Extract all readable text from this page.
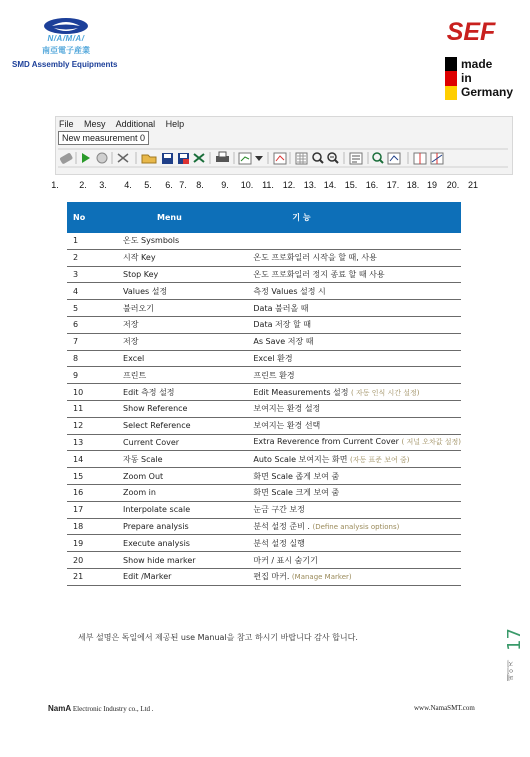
N/A/M/A/
南亞電子産業
SMD Assembly Equipments
SEF
made
in
Germany
File Mesy Additional Help
New measurement 0
1.	2.	3.	4.	5.	6. 7.	8.	9.	10. 11. 12. 13. 14. 15. 16. 17. 18. 19	20. 21
No	Menu	기 능
1	온도 Sysmbols	
2	시작 Key	온도 프로화일러 시작을 할 때, 사용
3	Stop Key	온도 프로화일러 정지 종료 할 때 사용
4	Values 설정	측정 Values 설정 시
5	불러오기	Data 불러올 때
6	저장	Data 저장 할 때
7	저장	As Save 저장 때
8	Excel	Excel 환경
9	프린트	프린트 환경
10	Edit 측정 설정	Edit Measurements 설정 ( 자동 인식 시간 설정)
11	Show Reference	보여지는 환경 설정
12	Select Reference	보여지는 환경 선택
13	Current Cover	Extra Reverence from Current Cover ( 저널 오차값 설정)
14	자동 Scale	Auto Scale 보여지는 화면 (자동 표준 보여 줌)
15	Zoom Out	화면 Scale 좁게 보여 줌
16	Zoom in	화면 Scale 크게 보여 줌
17	Interpolate scale	눈금 구간 보정
18	Prepare analysis	분석 설정 준비 . (Define analysis options)
19	Execute analysis	분석 설정 실행
20	Show hide marker	마커 / 표시 숨기기
21	Edit /Marker	편집 마커. (Manage Marker)
세부 설명은 독일에서 제공된 use Manual을 참고 하시기 바랍니다 감사 합니다.	17
페이지
NamA Electronic Industry co., Ltd .	www.NamaSMT.com
